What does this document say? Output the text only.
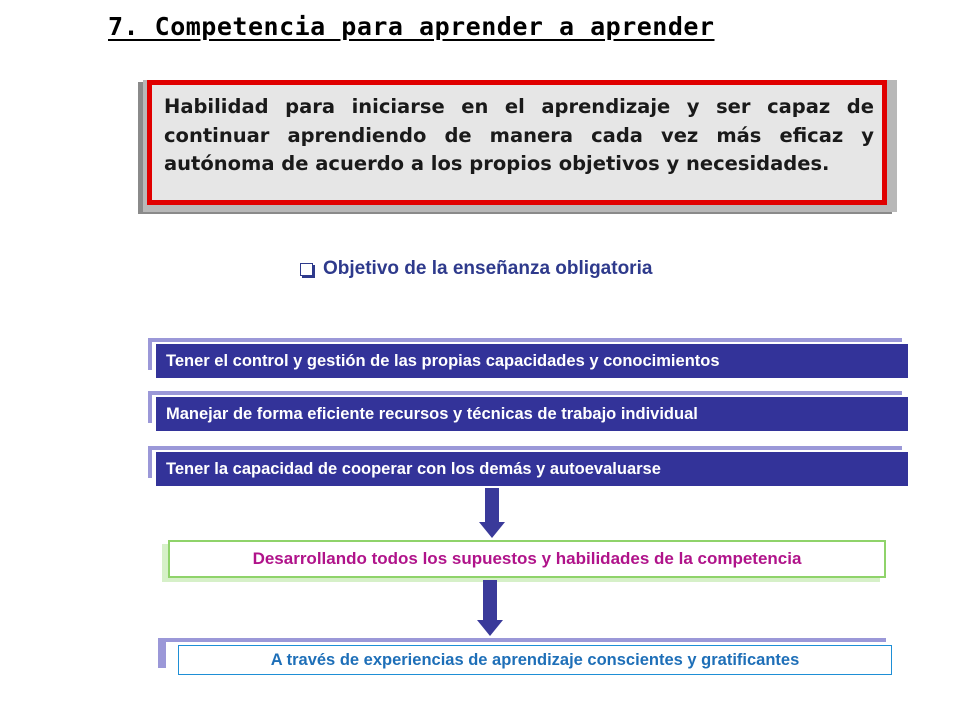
7. Competencia para aprender a aprender
Habilidad para iniciarse en el aprendizaje y ser capaz de continuar aprendiendo de manera cada vez más eficaz y autónoma de acuerdo a los propios objetivos y necesidades.
Objetivo de la enseñanza obligatoria
Tener el control y gestión de las propias capacidades y conocimientos
Manejar de forma eficiente recursos y técnicas de trabajo individual
Tener la capacidad de cooperar con los demás y autoevaluarse
Desarrollando todos los supuestos y habilidades de la competencia
A través de experiencias de aprendizaje conscientes y gratificantes
